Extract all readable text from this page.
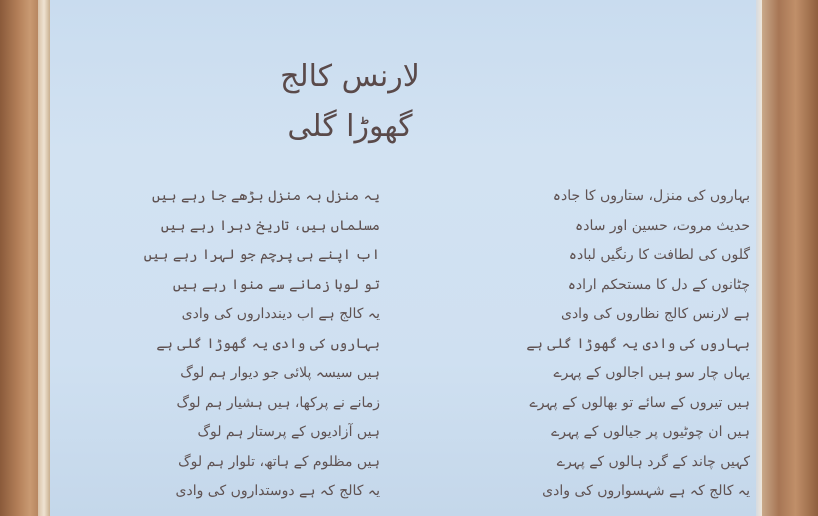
لارنس کالج گھوڑا گلی
بہاروں کی منزل، ستاروں کا جادہ
حدیث مروت، حسین اور سادہ
گلوں کی لطافت کا رنگیں لبادہ
چٹانوں کے دل کا مستحکم ارادہ
ہے لارنس کالج نظاروں کی وادی
بہاروں کی وادی یہ گھوڑا گلی ہے
یہاں چار سو ہیں اجالوں کے پہرے
ہیں تیروں کے سائے تو بھالوں کے پہرے
ہیں ان چوٹیوں پر جیالوں کے پہرے
کہیں چاند کے گرد ہالوں کے پہرے
یہ کالج کہ ہے شہسواروں کی وادی
یہ منزل بہ منزل بڑھے جا رہے ہیں
مسلماں ہیں، تاریخ دہرا رہے ہیں
اب اپنے ہی پرچم جو لہرا رہے ہیں
تو لوہا زمانے سے منوا رہے ہیں
یہ کالج ہے اب دیندداروں کی وادی
بہاروں کی وادی یہ گھوڑا گلی ہے
ہیں سیسہ پلائی جو دیوار ہم لوگ
زمانے نے پرکھا، ہیں ہشیار ہم لوگ
ہیں آزادیوں کے پرستار ہم لوگ
ہیں مظلوم کے ہاتھ، تلوار ہم لوگ
یہ کالج کہ ہے دوستداروں کی وادی
